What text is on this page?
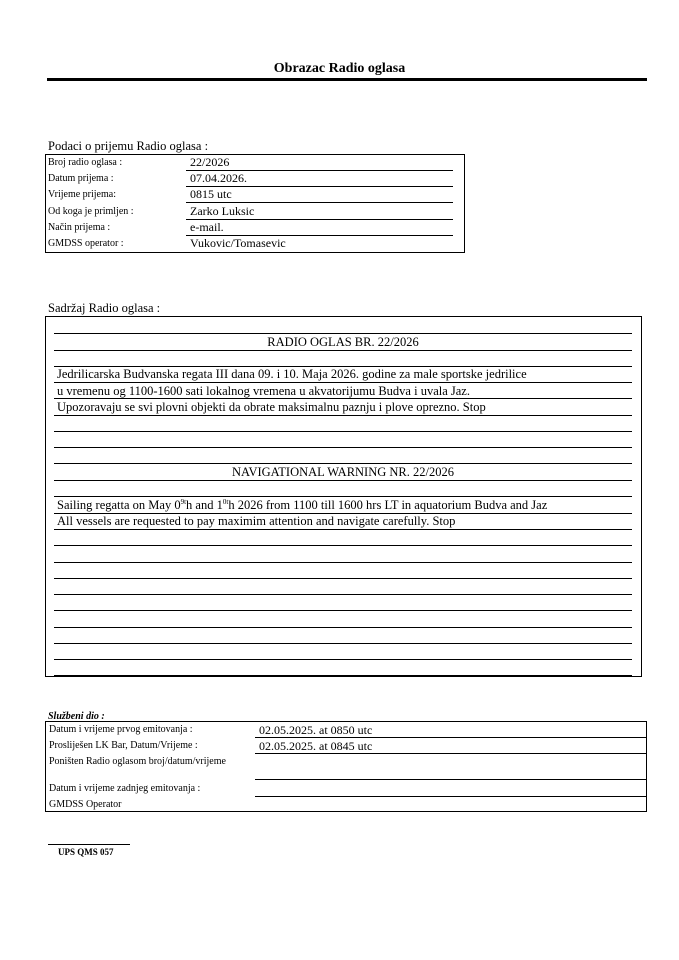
Obrazac Radio oglasa
Podaci o prijemu Radio oglasa :
Broj radio oglasa :	22/2026
Datum prijema :	07.04.2026.
Vrijeme prijema:	0815 utc
Od koga je primljen :	Zarko Luksic
Način prijema :	e-mail.
GMDSS operator :	Vukovic/Tomasevic
Sadržaj Radio oglasa :
RADIO OGLAS BR. 22/2026
Jedrilicarska Budvanska regata III dana 09. i 10. Maja 2026. godine za male sportske jedrilice
u vremenu og 1100-1600 sati lokalnog vremena u akvatorijumu Budva i uvala Jaz.
Upozoravaju se svi plovni objekti da obrate maksimalnu paznju i plove oprezno. Stop
NAVIGATIONAL WARNING NR. 22/2026
Sailing regatta on May $0^{9t}h$ and $1^{0t}h$ 2026 from 1100 till 1600 hrs LT in aquatorium Budva and Jaz
All vessels are requested to pay maximim attention and navigate carefully. Stop
Službeni dio :
Datum i vrijeme prvog emitovanja :	02.05.2025. at 0850 utc
Prosliješen LK Bar, Datum/Vrijeme :	02.05.2025. at 0845 utc
Poništen Radio oglasom broj/datum/vrijeme
Datum i vrijeme zadnjeg emitovanja :
GMDSS Operator
UPS QMS 057
